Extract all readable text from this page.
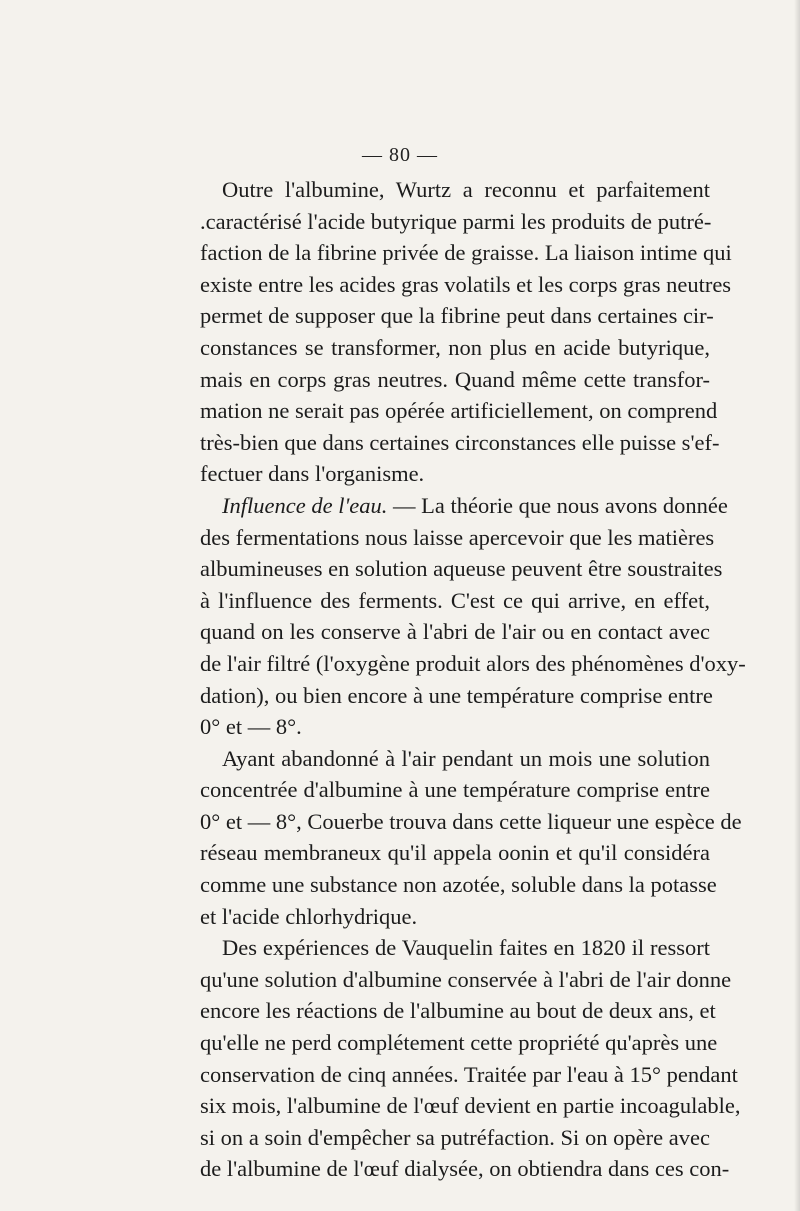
— 80 —
Outre l'albumine, Wurtz a reconnu et parfaitement
.caractérisé l'acide butyrique parmi les produits de putré-
faction de la fibrine privée de graisse. La liaison intime qui
existe entre les acides gras volatils et les corps gras neutres
permet de supposer que la fibrine peut dans certaines cir-
constances se transformer, non plus en acide butyrique,
mais en corps gras neutres. Quand même cette transfor-
mation ne serait pas opérée artificiellement, on comprend
très-bien que dans certaines circonstances elle puisse s'ef-
fectuer dans l'organisme.
Influence de l'eau. — La théorie que nous avons donnée
des fermentations nous laisse apercevoir que les matières
albumineuses en solution aqueuse peuvent être soustraites
à l'influence des ferments. C'est ce qui arrive, en effet,
quand on les conserve à l'abri de l'air ou en contact avec
de l'air filtré (l'oxygène produit alors des phénomènes d'oxy-
dation), ou bien encore à une température comprise entre
0° et — 8°.
Ayant abandonné à l'air pendant un mois une solution
concentrée d'albumine à une température comprise entre
0° et — 8°, Couerbe trouva dans cette liqueur une espèce de
réseau membraneux qu'il appela oonin et qu'il considéra
comme une substance non azotée, soluble dans la potasse
et l'acide chlorhydrique.
Des expériences de Vauquelin faites en 1820 il ressort
qu'une solution d'albumine conservée à l'abri de l'air donne
encore les réactions de l'albumine au bout de deux ans, et
qu'elle ne perd complétement cette propriété qu'après une
conservation de cinq années. Traitée par l'eau à 15° pendant
six mois, l'albumine de l'œuf devient en partie incoagulable,
si on a soin d'empêcher sa putréfaction. Si on opère avec
de l'albumine de l'œuf dialysée, on obtiendra dans ces con-
